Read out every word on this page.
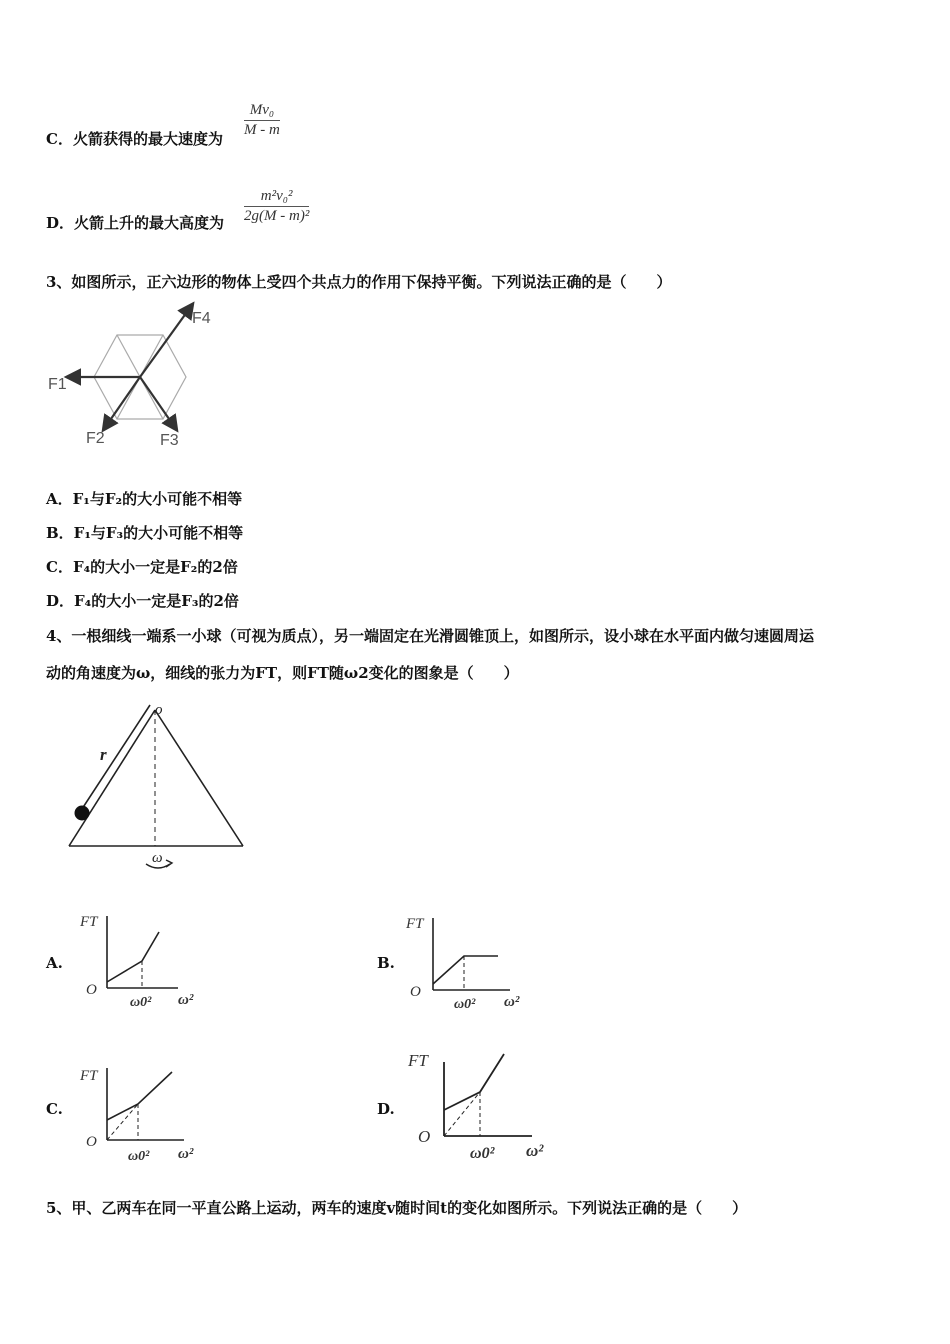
C．火箭获得的最大速度为 $\frac{\text{Mv₀}}{M - m}$
D．火箭上升的最大高度为 $\frac{\text{m²v₀²}}{\text{2g(M - m)²}}$
3、如图所示，正六边形的物体上受四个共点力的作用下保持平衡。下列说法正确的是（　　）
F1
F4
F2	F3
A．F₁与F₂的大小可能不相等
B．F₁与F₃的大小可能不相等
C．F₄的大小一定是F₂的2倍
D．F₄的大小一定是F₃的2倍
4、一根细线一端系一小球（可视为质点），另一端固定在光滑圆锥顶上，如图所示，设小球在水平面内做匀速圆周运
动的角速度为ω，细线的张力为FT，则FT随ω2变化的图象是（　　）
o
r
ω
A.
FT
O
ω0² ω²
B.
FT
O
ω0² ω²
C.
FT
O
ω0² ω²
D.
FT
O
ω0² ω²
5、甲、乙两车在同一平直公路上运动，两车的速度v随时间t的变化如图所示。下列说法正确的是（　　）
